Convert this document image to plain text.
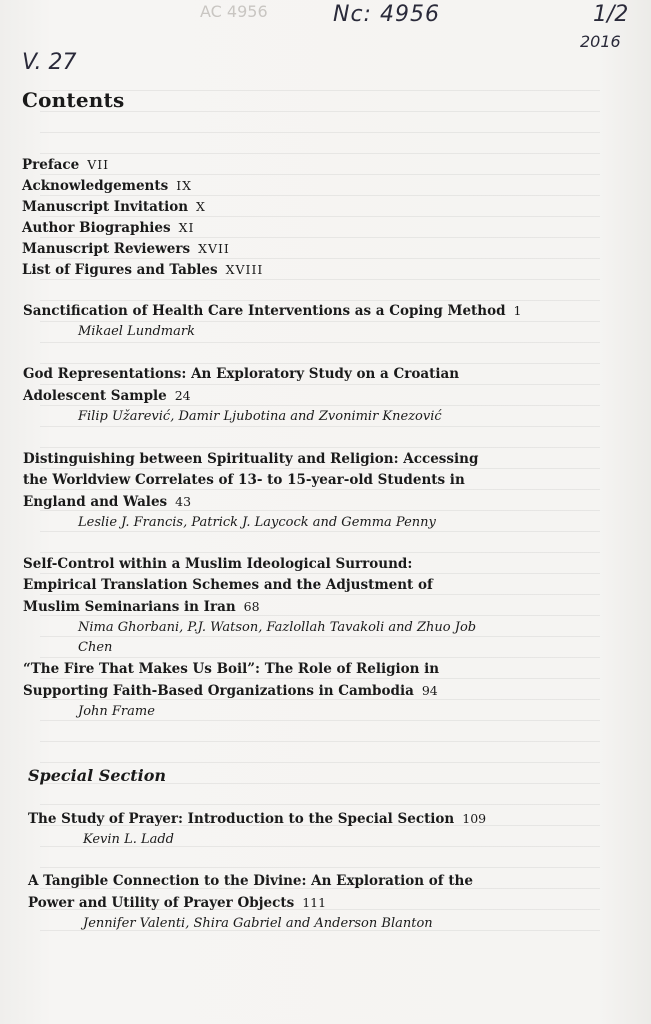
AC 4956	Nc: 4956	1/2
2016
V. 27
Contents

Preface VII

Acknowledgements IX

Manuscript Invitation X

Author Biographies XI

Manuscript Reviewers XVII

List of Figures and Tables XVIII

Sanctification of Health Care Interventions as a Coping Method 1

Mikael Lundmark

God Representations: An Exploratory Study on a Croatian Adolescent Sample 24

Filip Užarević, Damir Ljubotina and Zvonimir Knezović

Distinguishing between Spirituality and Religion: Accessing the Worldview Correlates of 13- to 15-year-old Students in England and Wales 43

Leslie J. Francis, Patrick J. Laycock and Gemma Penny

Self-Control within a Muslim Ideological Surround: Empirical Translation Schemes and the Adjustment of Muslim Seminarians in Iran 68

Nima Ghorbani, P.J. Watson, Fazlollah Tavakoli and Zhuo Job Chen

“The Fire That Makes Us Boil”: The Role of Religion in Supporting Faith-Based Organizations in Cambodia 94

John Frame

Special Section

The Study of Prayer: Introduction to the Special Section 109

Kevin L. Ladd

A Tangible Connection to the Divine: An Exploration of the Power and Utility of Prayer Objects 111

Jennifer Valenti, Shira Gabriel and Anderson Blanton
